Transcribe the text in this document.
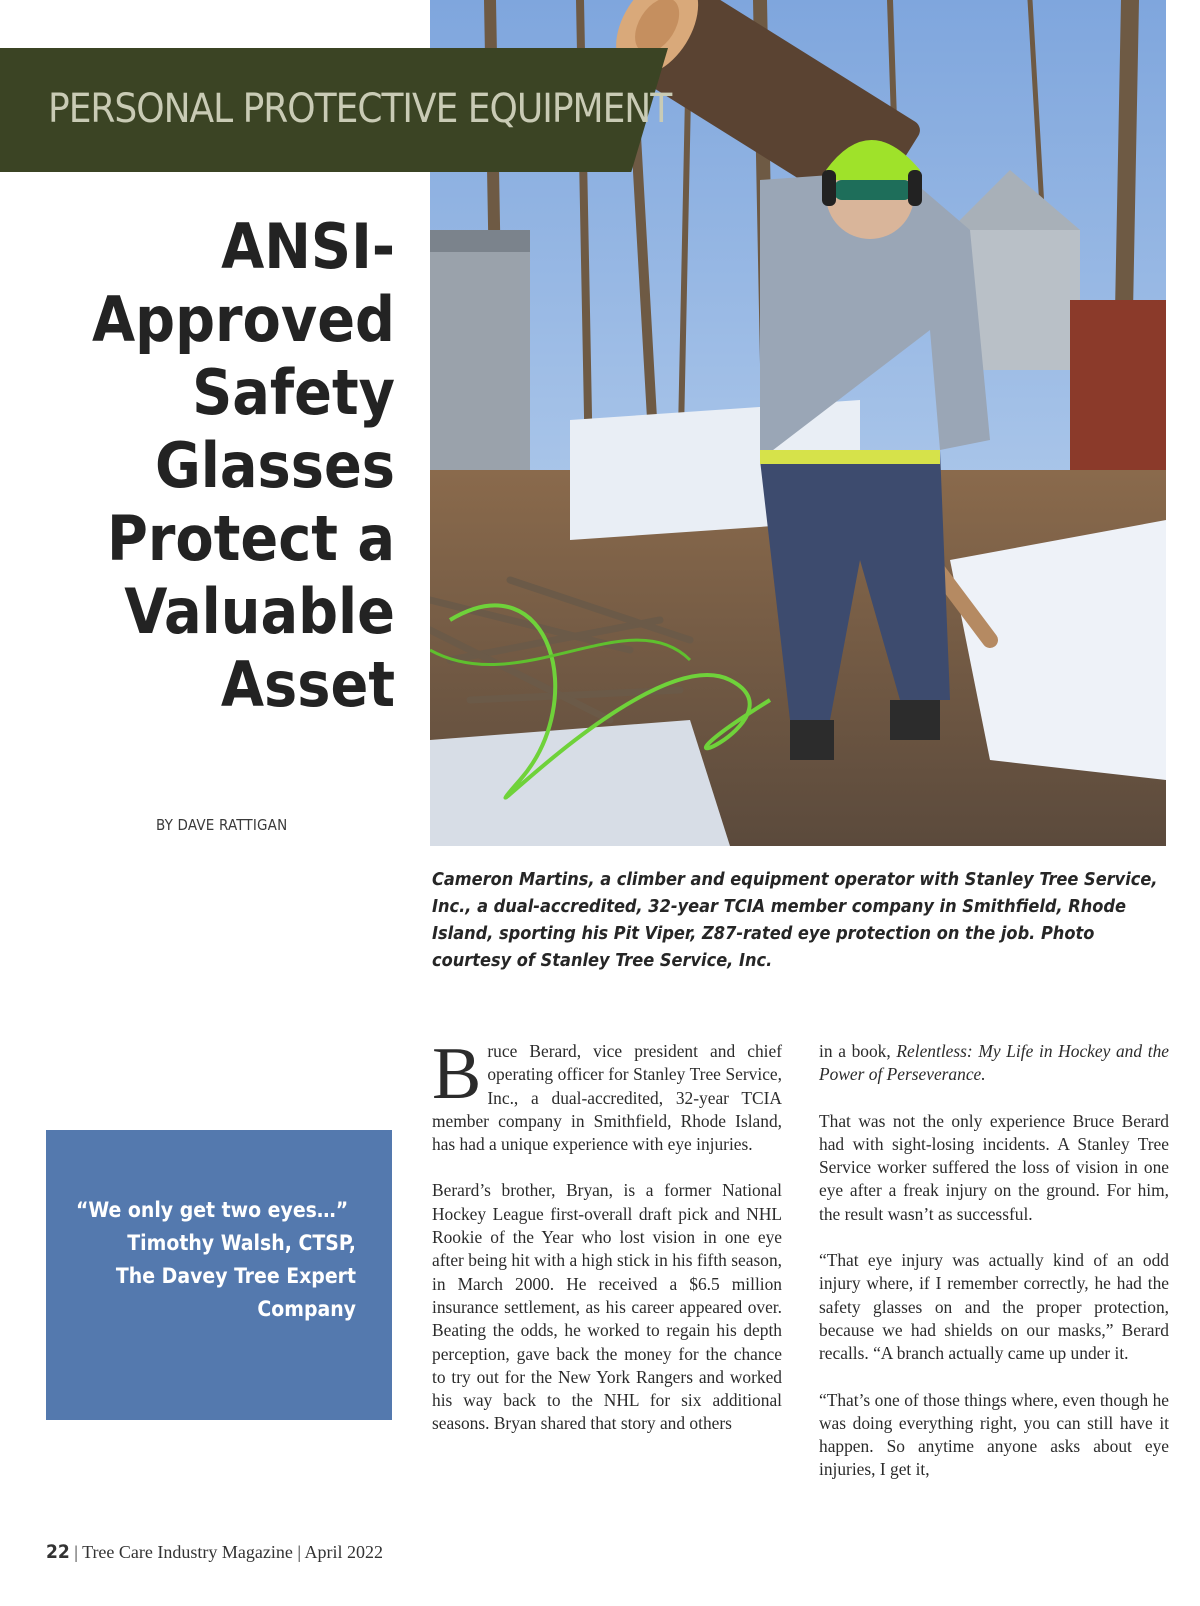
PERSONAL PROTECTIVE EQUIPMENT
ANSI-
Approved
Safety
Glasses
Protect a
Valuable
Asset
BY DAVE RATTIGAN

Cameron Martins, a climber and equipment operator with Stanley Tree Service, Inc., a dual-accredited, 32-year TCIA member company in Smithfield, Rhode Island, sporting his Pit Viper, Z87-rated eye protection on the job. Photo courtesy of Stanley Tree Service, Inc.

“We only get two eyes…”
Timothy Walsh, CTSP,
The Davey Tree Expert Company

Bruce Berard, vice president and chief operating officer for Stanley Tree Service, Inc., a dual-accredited, 32-year TCIA member company in Smithfield, Rhode Island, has had a unique experience with eye injuries.

Berard’s brother, Bryan, is a former National Hockey League first-overall draft pick and NHL Rookie of the Year who lost vision in one eye after being hit with a high stick in his fifth season, in March 2000. He received a $6.5 million insurance settlement, as his career appeared over. Beating the odds, he worked to regain his depth perception, gave back the money for the chance to try out for the New York Rangers and worked his way back to the NHL for six additional seasons. Bryan shared that story and others

in a book, Relentless: My Life in Hockey and the Power of Perseverance.

That was not the only experience Bruce Berard had with sight-losing incidents. A Stanley Tree Service worker suffered the loss of vision in one eye after a freak injury on the ground. For him, the result wasn’t as successful.

“That eye injury was actually kind of an odd injury where, if I remember correctly, he had the safety glasses on and the proper protection, because we had shields on our masks,” Berard recalls. “A branch actually came up under it.

“That’s one of those things where, even though he was doing everything right, you can still have it happen. So anytime anyone asks about eye injuries, I get it,

22 | Tree Care Industry Magazine | April 2022
